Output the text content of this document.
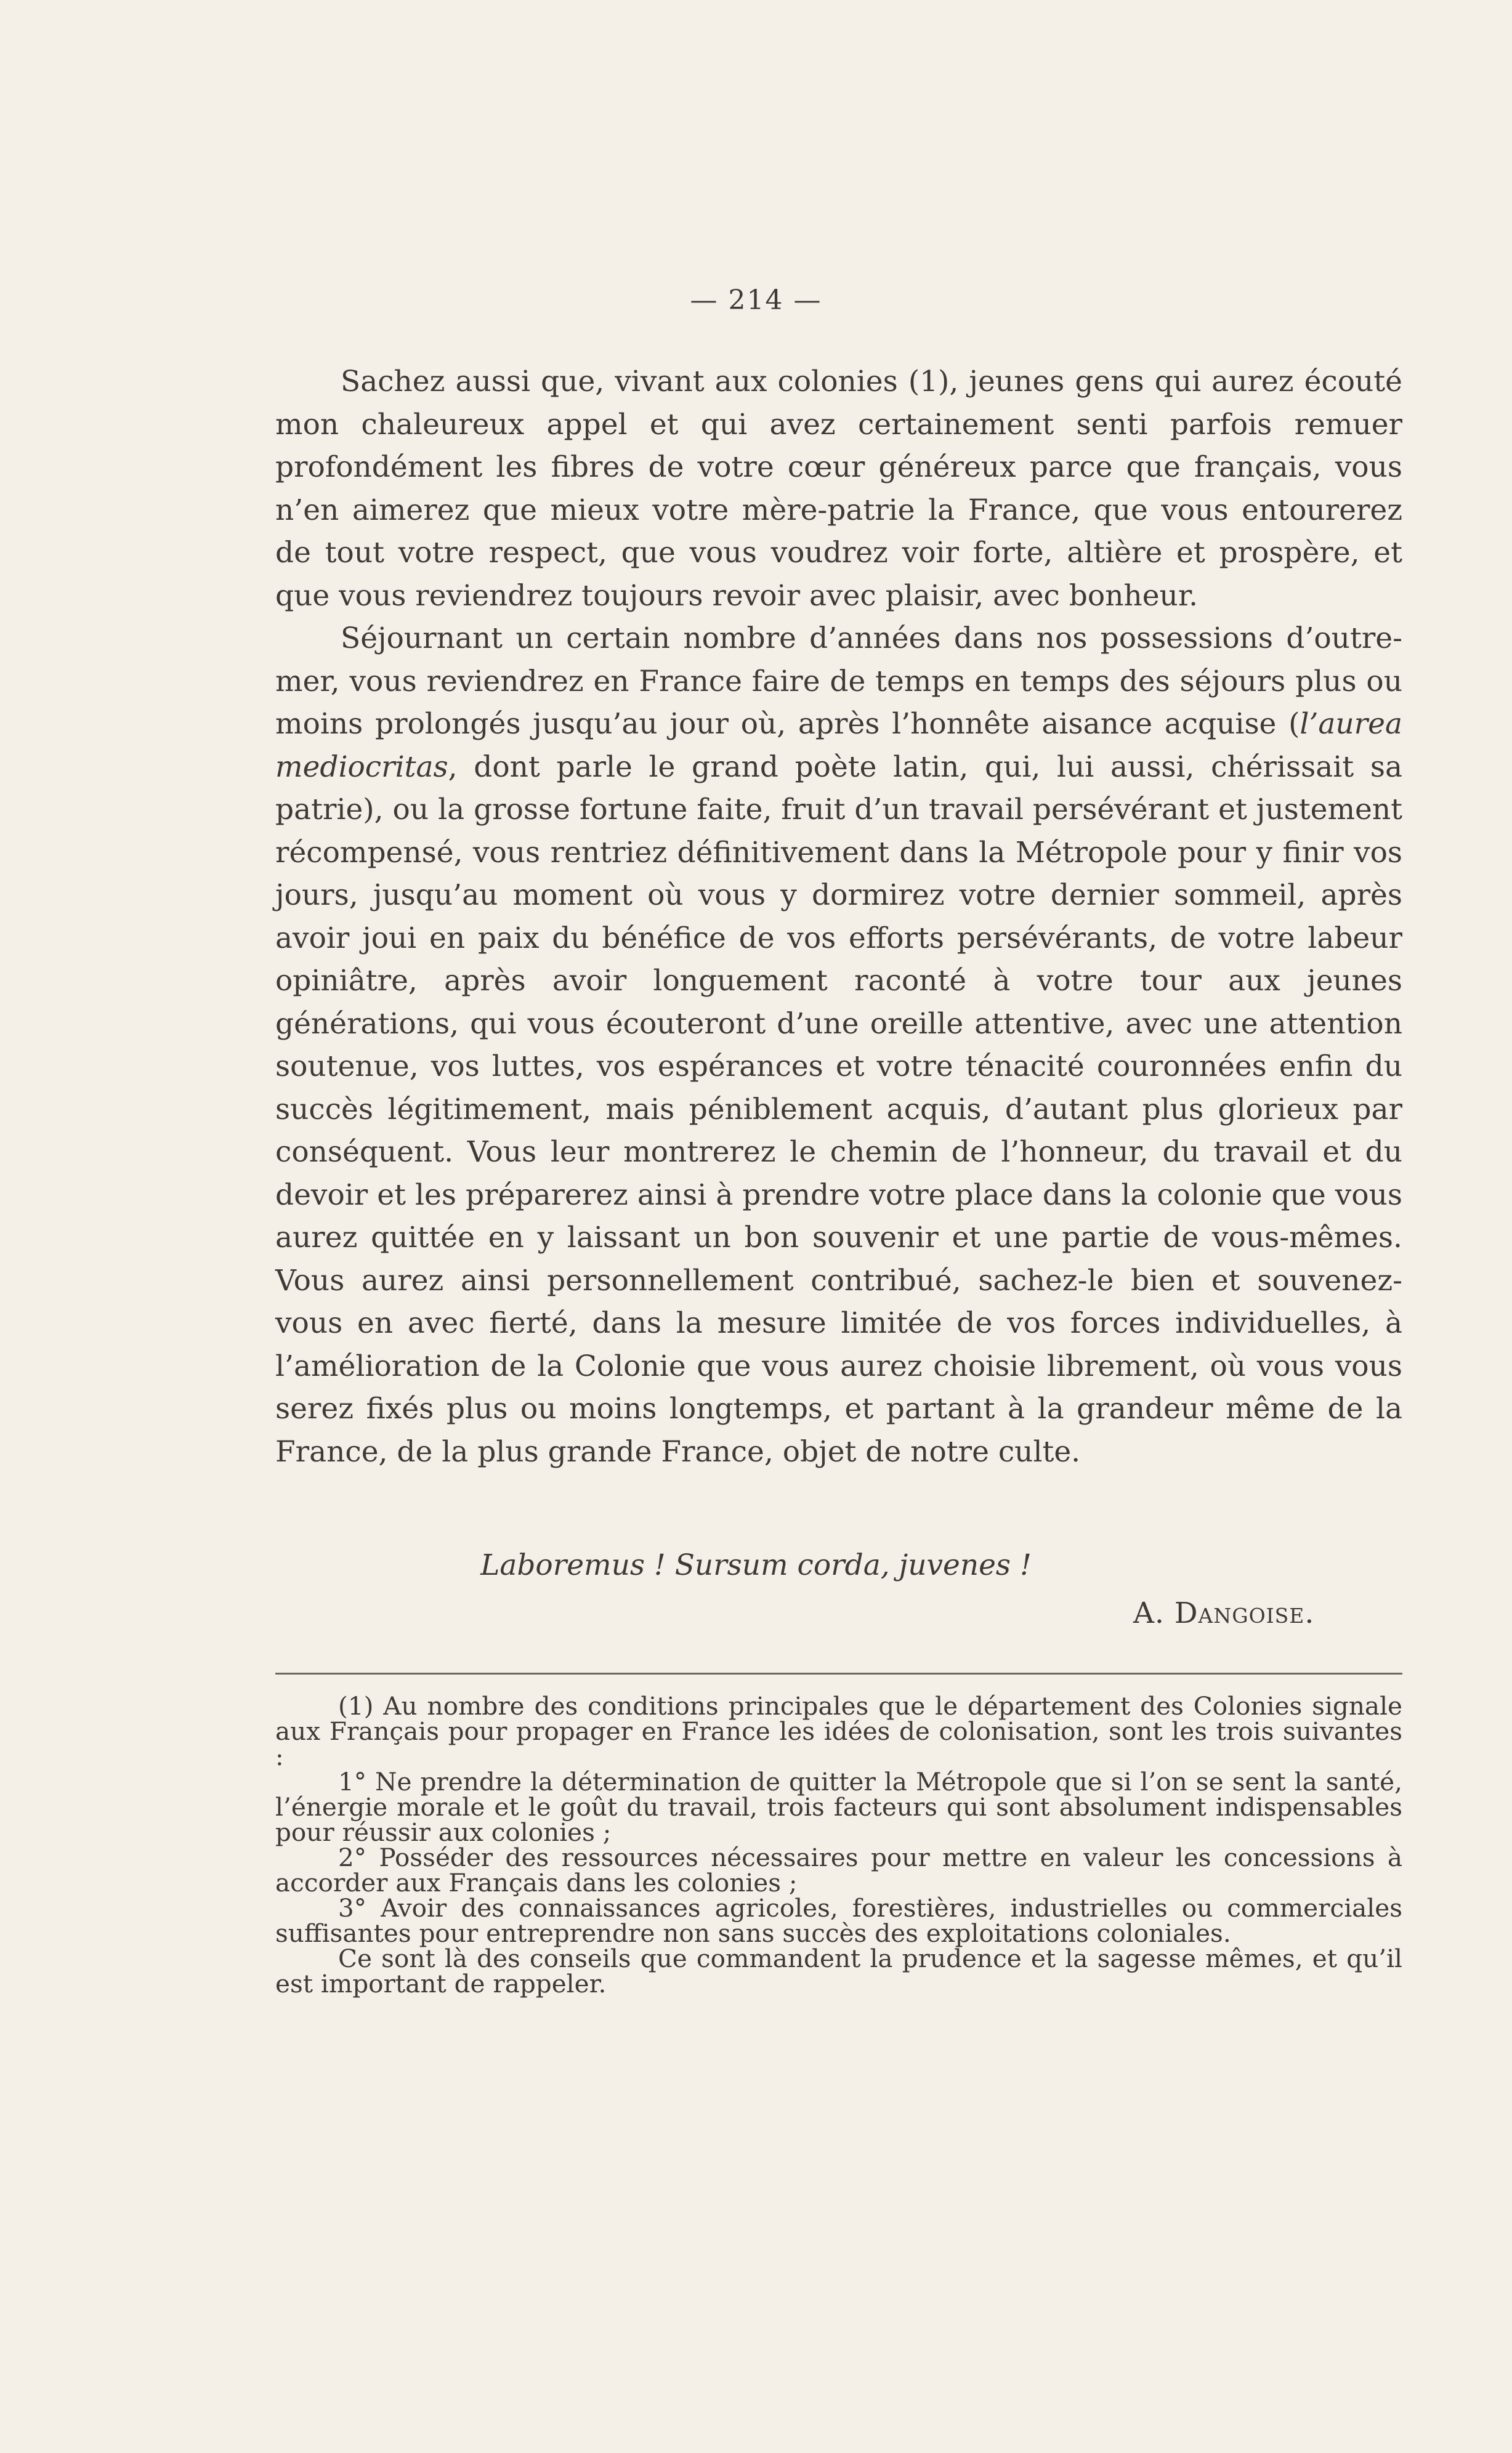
— 214 —

Sachez aussi que, vivant aux colonies (1), jeunes gens qui aurez écouté mon chaleureux appel et qui avez certainement senti parfois remuer profondément les fibres de votre cœur généreux parce que français, vous n’en aimerez que mieux votre mère-patrie la France, que vous entourerez de tout votre respect, que vous voudrez voir forte, altière et prospère, et que vous reviendrez toujours revoir avec plaisir, avec bonheur.

Séjournant un certain nombre d’années dans nos possessions d’outre-mer, vous reviendrez en France faire de temps en temps des séjours plus ou moins prolongés jusqu’au jour où, après l’honnête aisance acquise (l’aurea mediocritas, dont parle le grand poète latin, qui, lui aussi, chérissait sa patrie), ou la grosse fortune faite, fruit d’un travail persévérant et justement récompensé, vous rentriez définitivement dans la Métropole pour y finir vos jours, jusqu’au moment où vous y dormirez votre dernier sommeil, après avoir joui en paix du bénéfice de vos efforts persévérants, de votre labeur opiniâtre, après avoir longuement raconté à votre tour aux jeunes générations, qui vous écouteront d’une oreille attentive, avec une attention soutenue, vos luttes, vos espérances et votre ténacité couronnées enfin du succès légitimement, mais péniblement acquis, d’autant plus glorieux par conséquent. Vous leur montrerez le chemin de l’honneur, du travail et du devoir et les préparerez ainsi à prendre votre place dans la colonie que vous aurez quittée en y laissant un bon souvenir et une partie de vous-mêmes. Vous aurez ainsi personnellement contribué, sachez-le bien et souvenez-vous en avec fierté, dans la mesure limitée de vos forces individuelles, à l’amélioration de la Colonie que vous aurez choisie librement, où vous vous serez fixés plus ou moins longtemps, et partant à la grandeur même de la France, de la plus grande France, objet de notre culte.

Laboremus ! Sursum corda, juvenes !
A. Dangoise.

(1) Au nombre des conditions principales que le département des Colonies signale aux Français pour propager en France les idées de colonisation, sont les trois suivantes :

1° Ne prendre la détermination de quitter la Métropole que si l’on se sent la santé, l’énergie morale et le goût du travail, trois facteurs qui sont absolument indispensables pour réussir aux colonies ;

2° Posséder des ressources nécessaires pour mettre en valeur les concessions à accorder aux Français dans les colonies ;

3° Avoir des connaissances agricoles, forestières, industrielles ou commerciales suffisantes pour entreprendre non sans succès des exploitations coloniales.

Ce sont là des conseils que commandent la prudence et la sagesse mêmes, et qu’il est important de rappeler.
